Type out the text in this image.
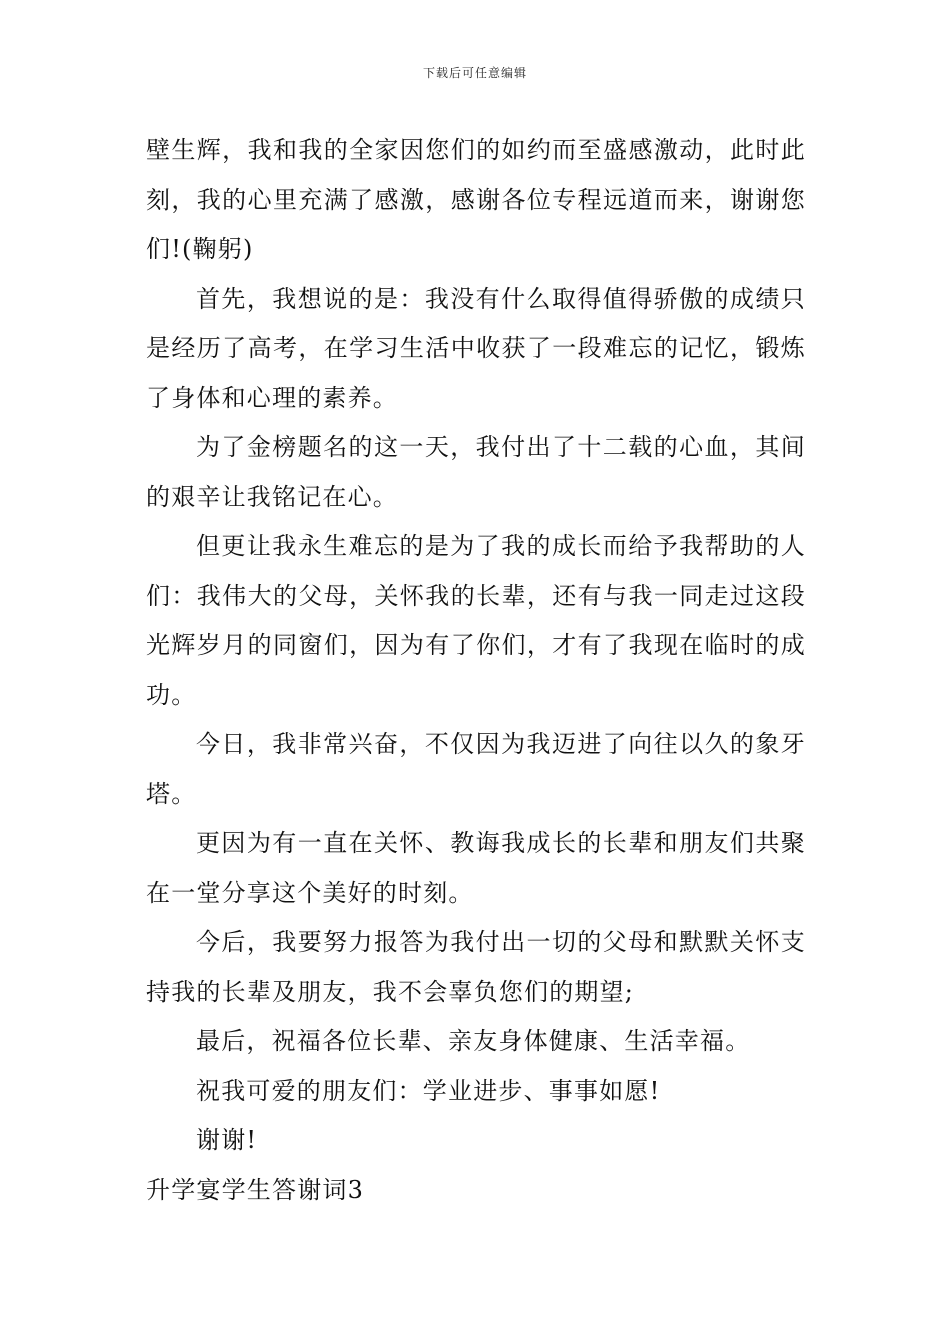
下载后可任意编辑

壁生辉，我和我的全家因您们的如约而至盛感激动，此时此刻，我的心里充满了感激，感谢各位专程远道而来，谢谢您们!(鞠躬)

首先，我想说的是：我没有什么取得值得骄傲的成绩只是经历了高考，在学习生活中收获了一段难忘的记忆，锻炼了身体和心理的素养。

为了金榜题名的这一天，我付出了十二载的心血，其间的艰辛让我铭记在心。

但更让我永生难忘的是为了我的成长而给予我帮助的人们：我伟大的父母，关怀我的长辈，还有与我一同走过这段光辉岁月的同窗们，因为有了你们，才有了我现在临时的成功。

今日，我非常兴奋，不仅因为我迈进了向往以久的象牙塔。

更因为有一直在关怀、教诲我成长的长辈和朋友们共聚在一堂分享这个美好的时刻。

今后，我要努力报答为我付出一切的父母和默默关怀支持我的长辈及朋友，我不会辜负您们的期望;

最后，祝福各位长辈、亲友身体健康、生活幸福。

祝我可爱的朋友们：学业进步、事事如愿!

谢谢!

升学宴学生答谢词3
